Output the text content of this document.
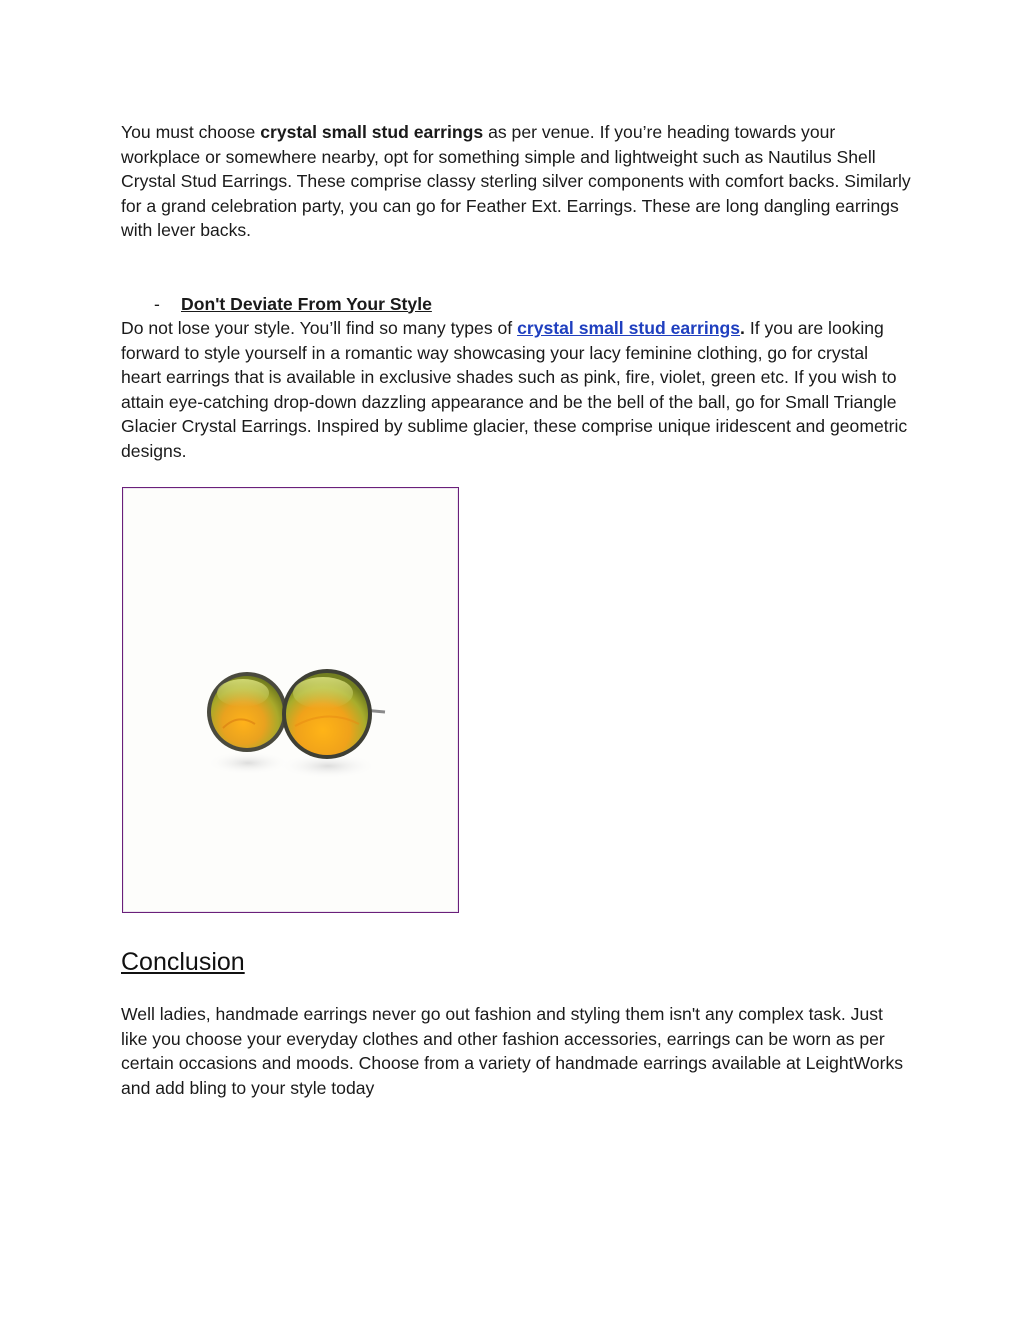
You must choose crystal small stud earrings as per venue. If you’re heading towards your workplace or somewhere nearby, opt for something simple and lightweight such as Nautilus Shell Crystal Stud Earrings. These comprise classy sterling silver components with comfort backs. Similarly for a grand celebration party, you can go for Feather Ext. Earrings. These are long dangling earrings with lever backs.

- Don't Deviate From Your Style

Do not lose your style. You’ll find so many types of crystal small stud earrings. If you are looking forward to style yourself in a romantic way showcasing your lacy feminine clothing, go for crystal heart earrings that is available in exclusive shades such as pink, fire, violet, green etc. If you wish to attain eye-catching drop-down dazzling appearance and be the bell of the ball, go for Small Triangle Glacier Crystal Earrings. Inspired by sublime glacier, these comprise unique iridescent and geometric designs.

Conclusion

Well ladies, handmade earrings never go out fashion and styling them isn't any complex task. Just like you choose your everyday clothes and other fashion accessories, earrings can be worn as per certain occasions and moods. Choose from a variety of handmade earrings available at LeightWorks and add bling to your style today
